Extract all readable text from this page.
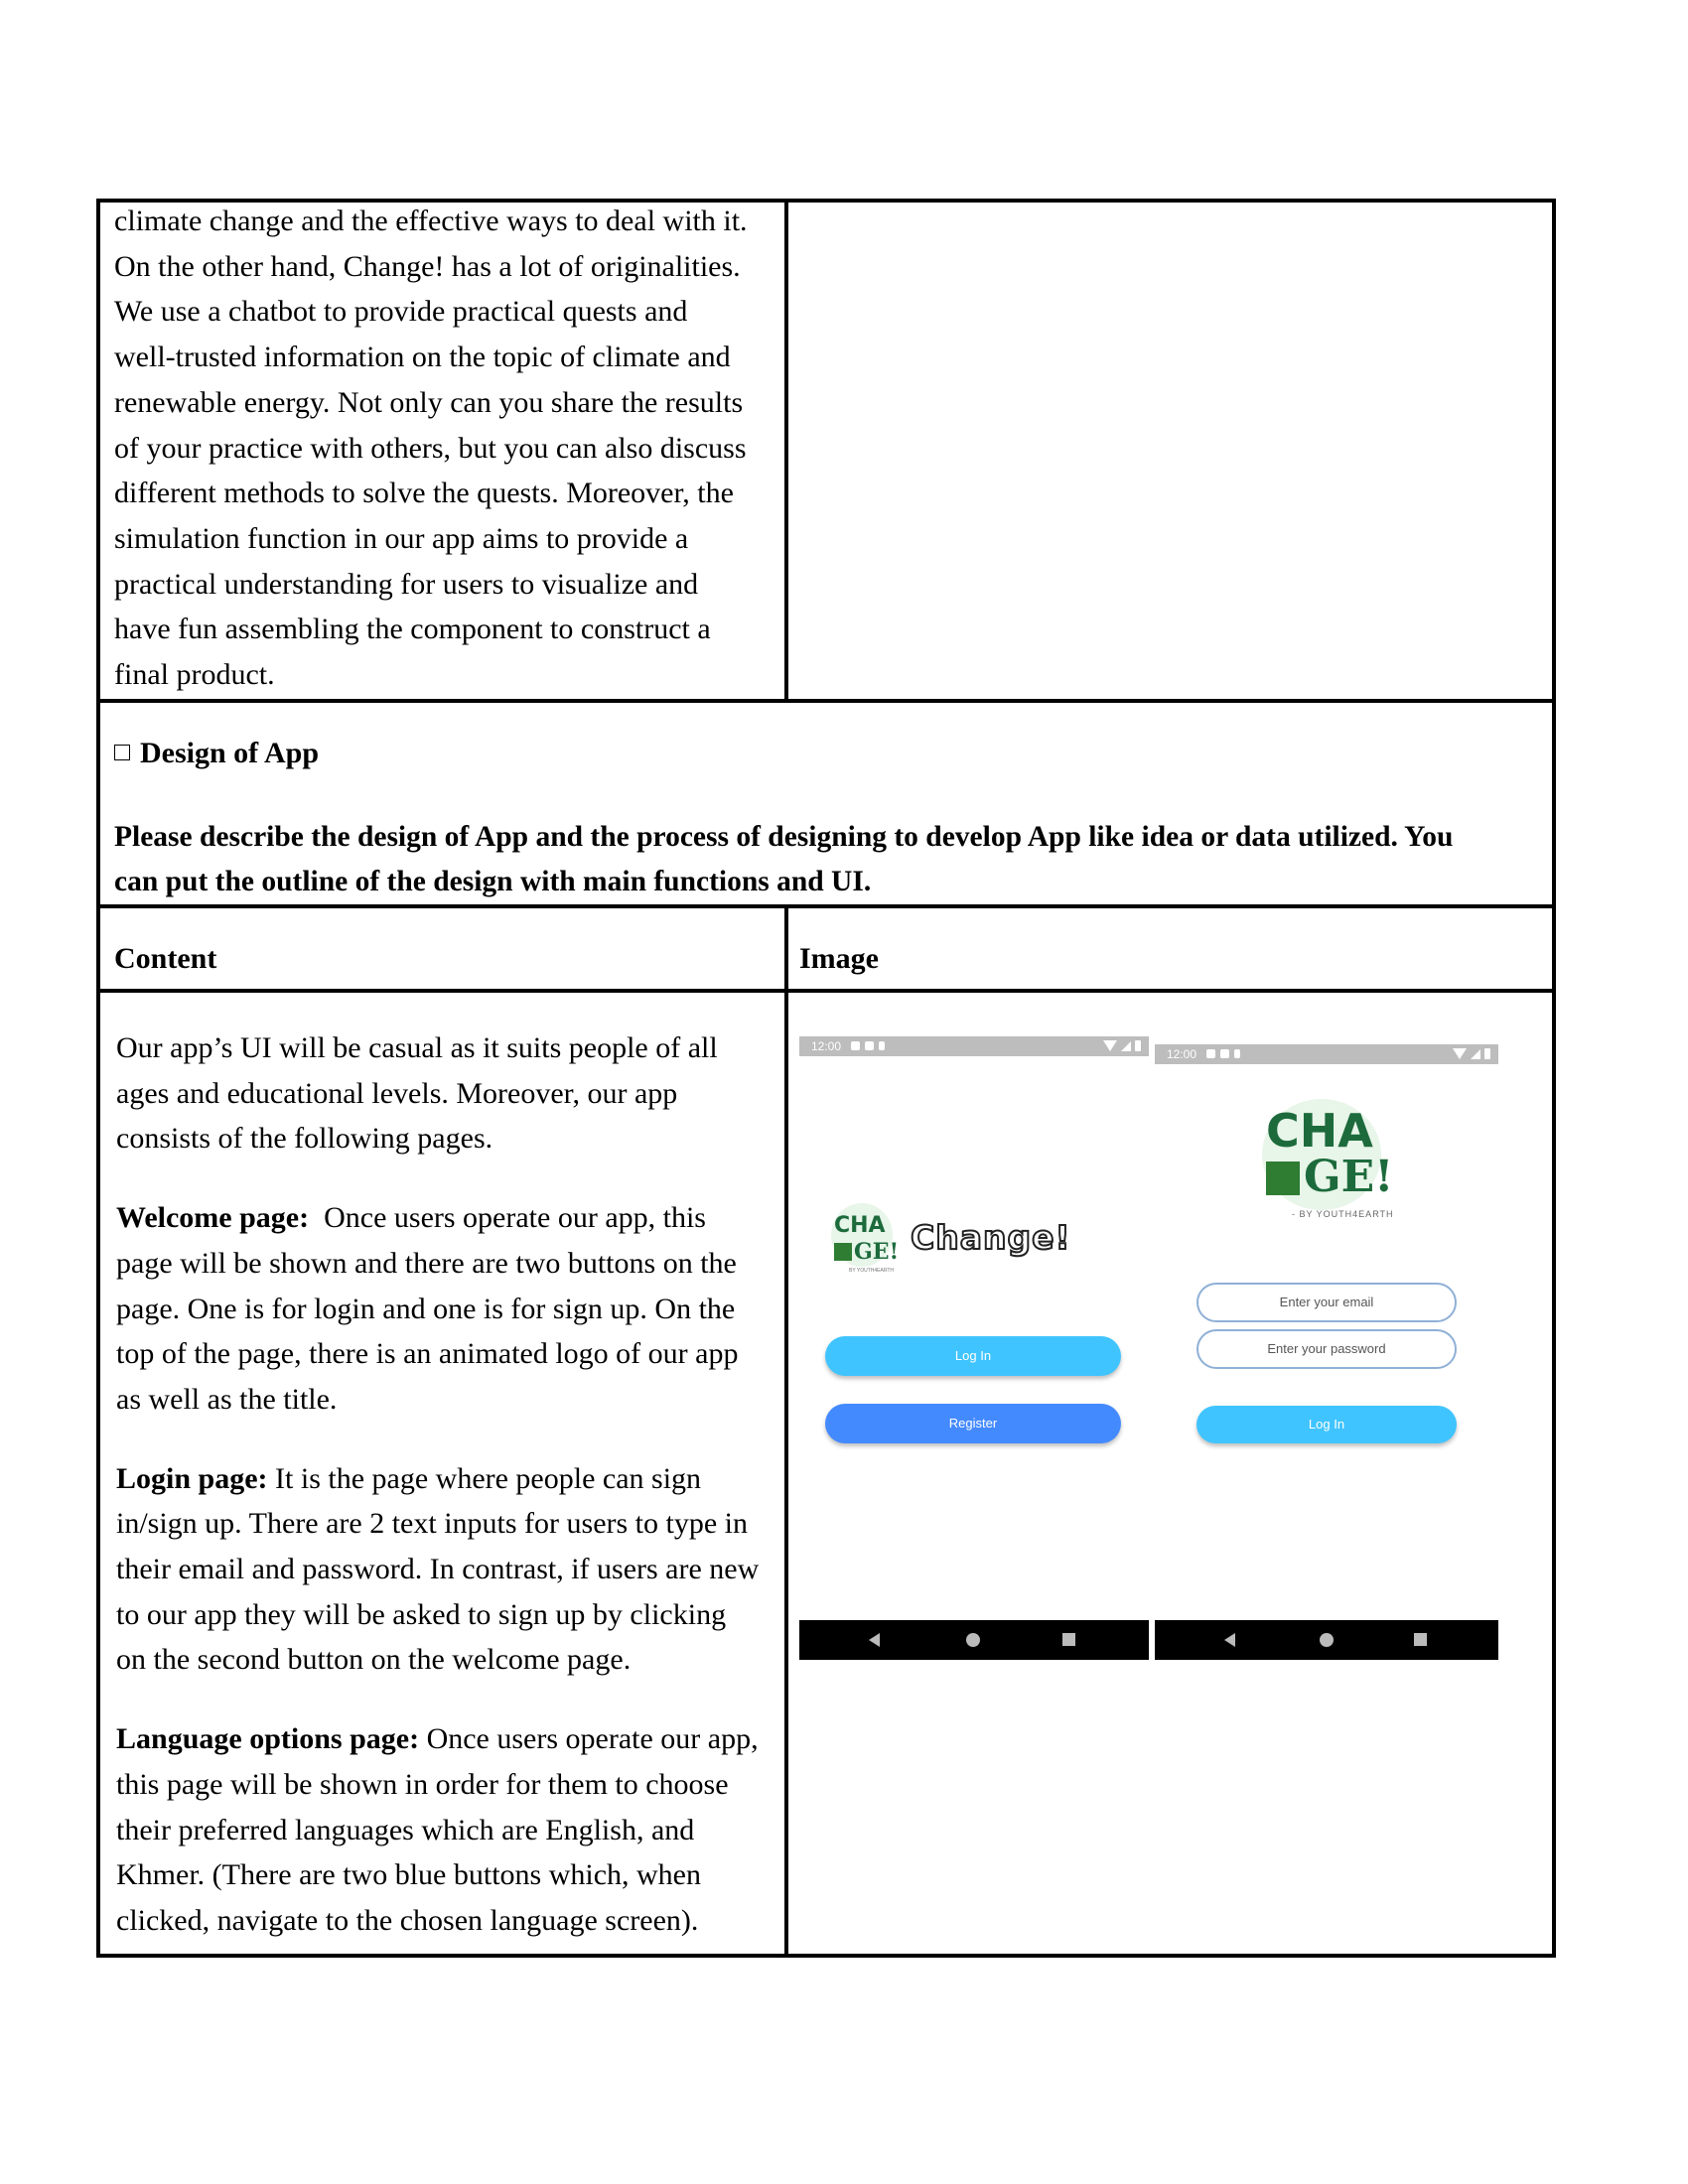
climate change and the effective ways to deal with it.
On the other hand, Change! has a lot of originalities.
We use a chatbot to provide practical quests and
well-trusted information on the topic of climate and
renewable energy. Not only can you share the results
of your practice with others, but you can also discuss
different methods to solve the quests. Moreover, the
simulation function in our app aims to provide a
practical understanding for users to visualize and
have fun assembling the component to construct a
final product.
Design of App
Please describe the design of App and the process of designing to develop App like idea or data utilized. You
can put the outline of the design with main functions and UI.
Content	Image

Our app’s UI will be casual as it suits people of all
ages and educational levels. Moreover, our app
consists of the following pages.

Welcome page:  Once users operate our app, this
page will be shown and there are two buttons on the
page. One is for login and one is for sign up. On the
top of the page, there is an animated logo of our app
as well as the title.

Login page: It is the page where people can sign
in/sign up. There are 2 text inputs for users to type in
their email and password. In contrast, if users are new
to our app they will be asked to sign up by clicking
on the second button on the welcome page.

Language options page: Once users operate our app,
this page will be shown in order for them to choose
their preferred languages which are English, and
Khmer. (There are two blue buttons which, when
clicked, navigate to the chosen language screen).

12:00
CHA
GE!
BY YOUTH4EARTH
Change!
Log In
Register
12:00
CHA
GE!
- BY YOUTH4EARTH
Enter your email
Enter your password
Log In
